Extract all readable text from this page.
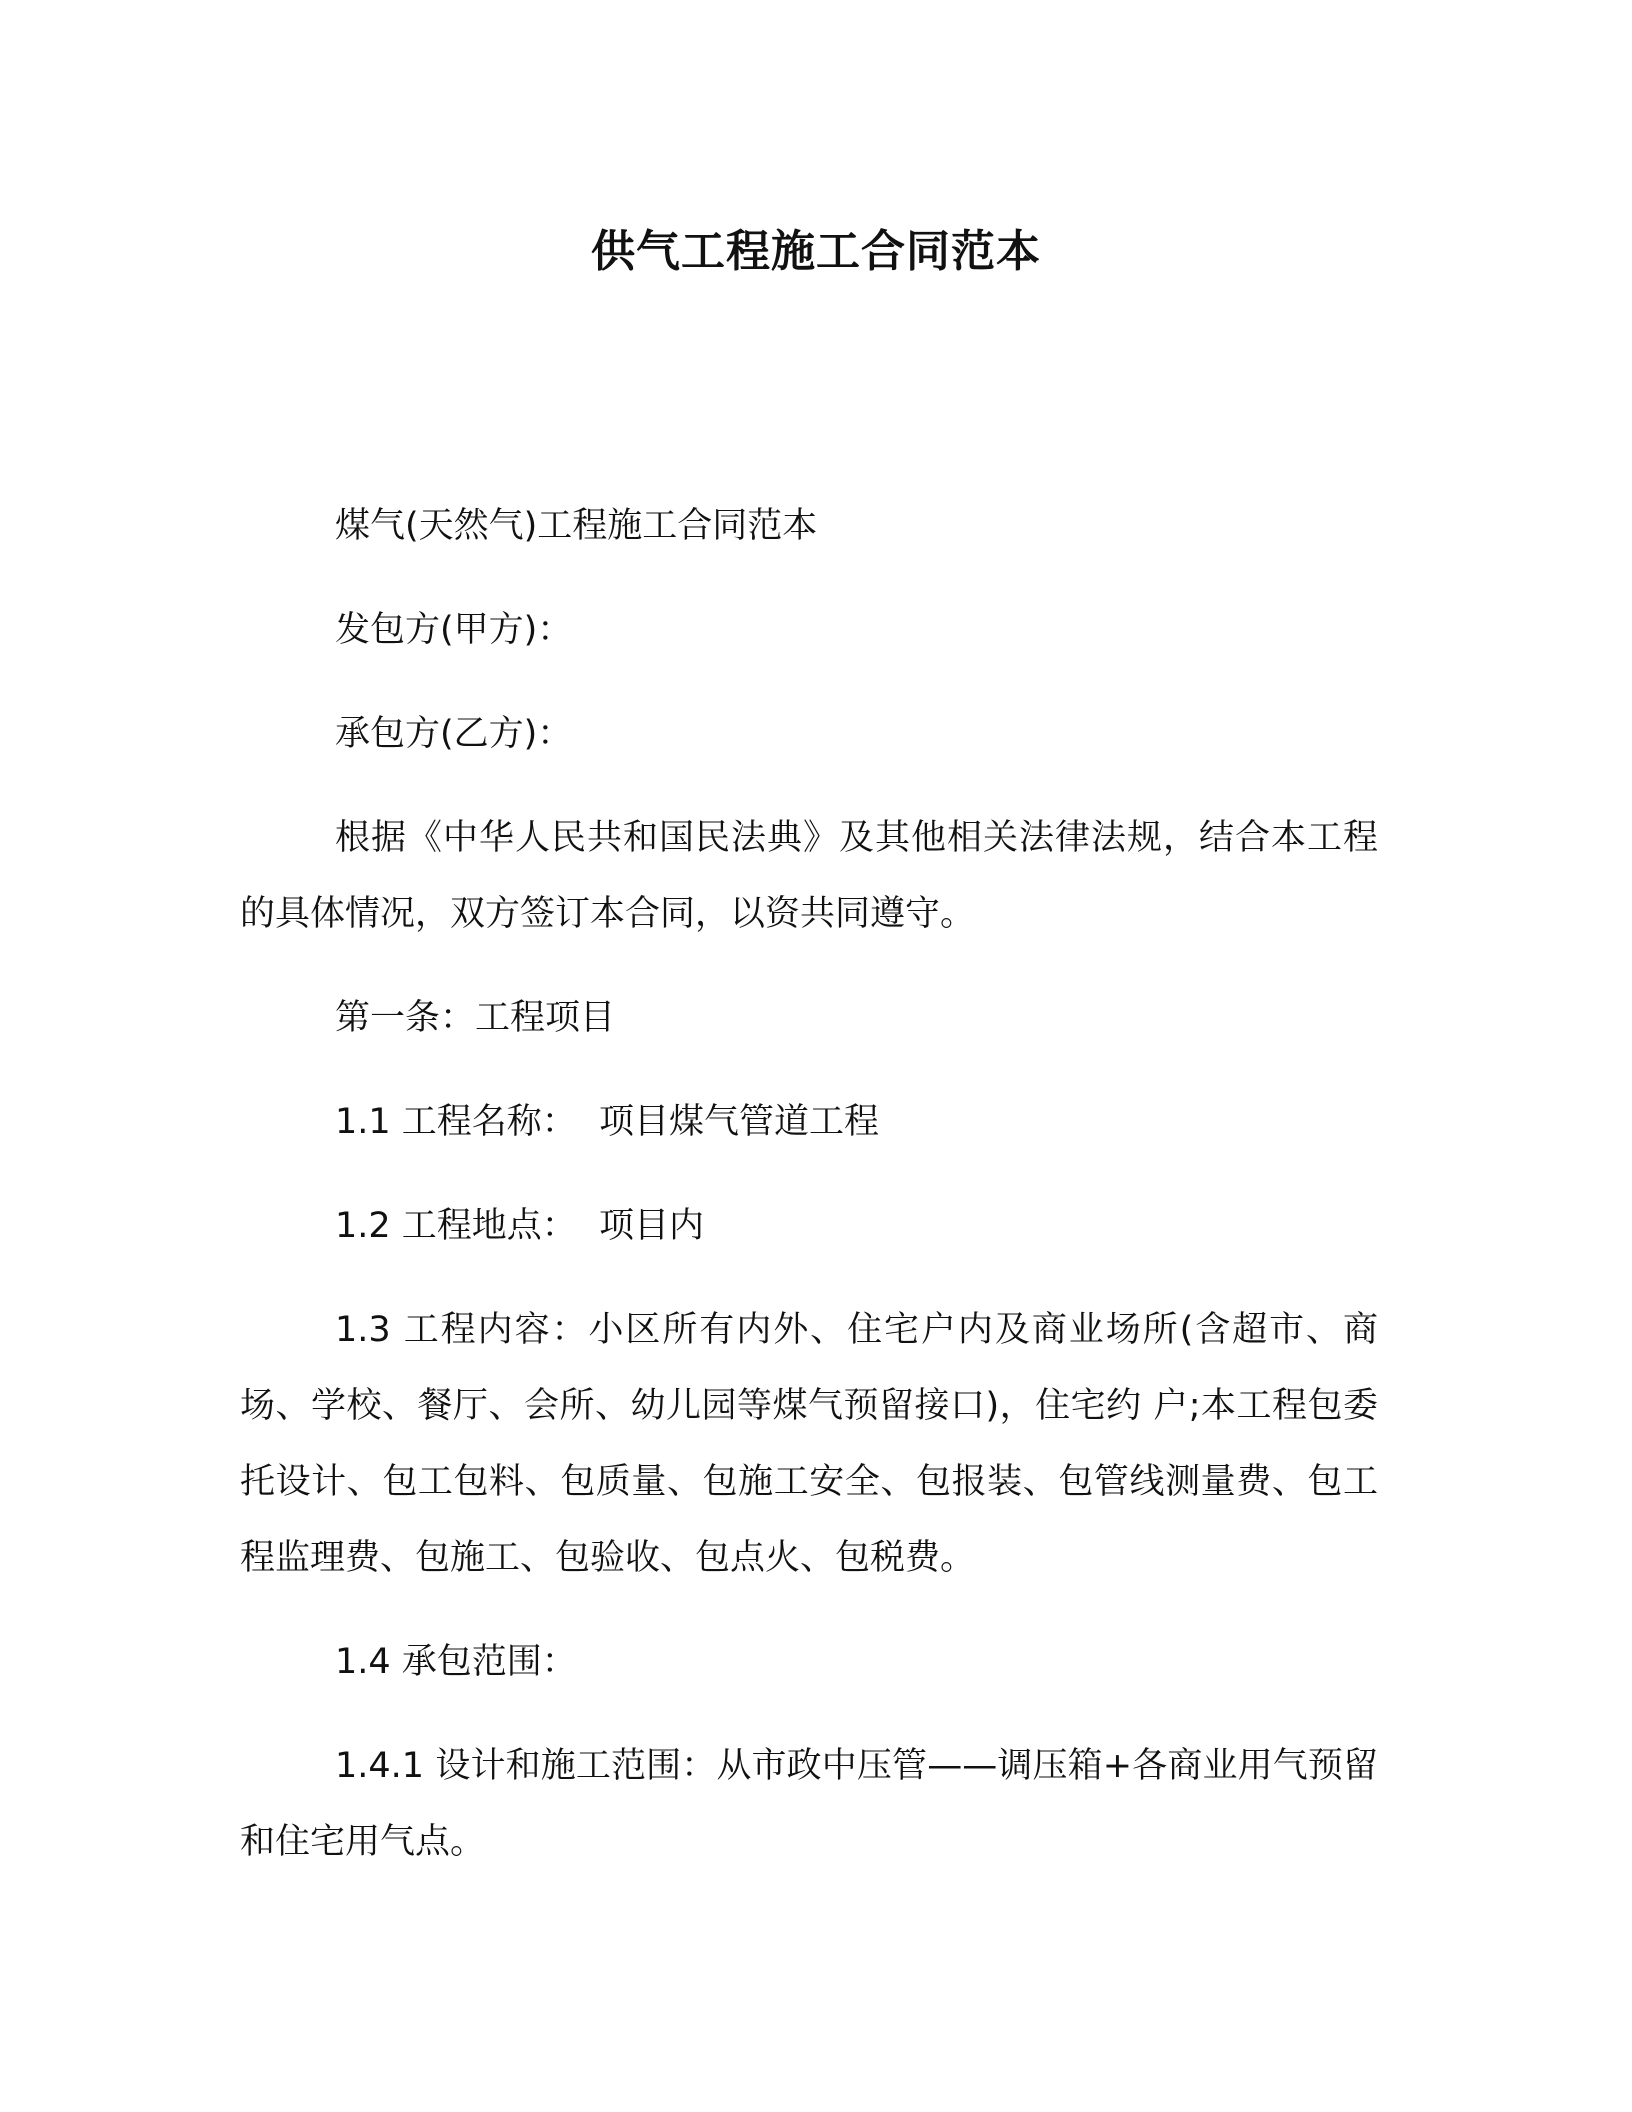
供气工程施工合同范本

煤气(天然气)工程施工合同范本

发包方(甲方)：

承包方(乙方)：

根据《中华人民共和国民法典》及其他相关法律法规，结合本工程的具体情况，双方签订本合同，以资共同遵守。

第一条：工程项目

1.1 工程名称：  项目煤气管道工程

1.2 工程地点：  项目内

1.3 工程内容：小区所有内外、住宅户内及商业场所(含超市、商场、学校、餐厅、会所、幼儿园等煤气预留接口)，住宅约 户;本工程包委托设计、包工包料、包质量、包施工安全、包报装、包管线测量费、包工程监理费、包施工、包验收、包点火、包税费。

1.4 承包范围：

1.4.1 设计和施工范围：从市政中压管——调压箱+各商业用气预留和住宅用气点。
